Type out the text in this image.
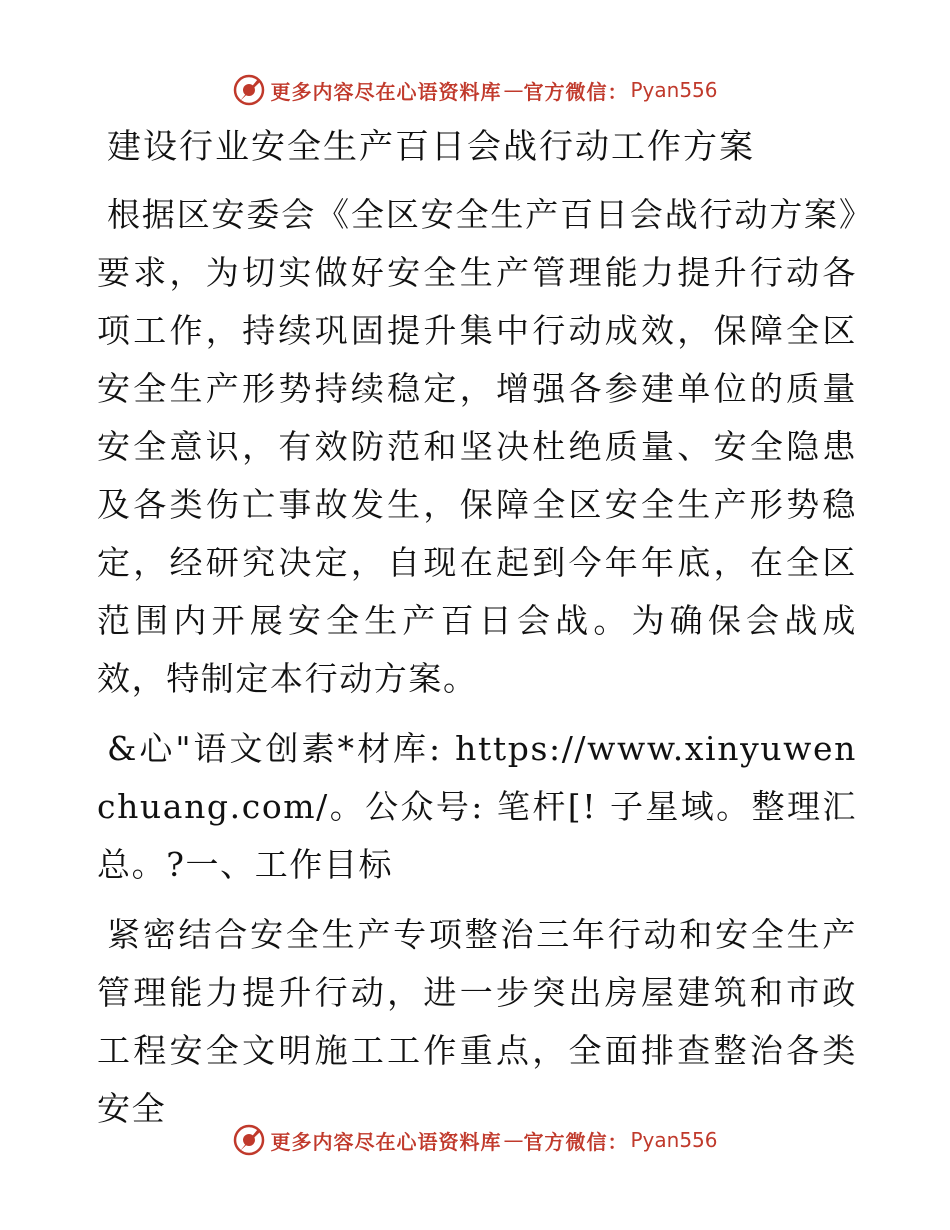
更多内容尽在心语资料库 — 官方微信： Pyan556
建设行业安全生产百日会战行动工作方案

根据区安委会《全区安全生产百日会战行动方案》要求，为切实做好安全生产管理能力提升行动各项工作，持续巩固提升集中行动成效，保障全区安全生产形势持续稳定，增强各参建单位的质量安全意识，有效防范和坚决杜绝质量、安全隐患及各类伤亡事故发生，保障全区安全生产形势稳定，经研究决定，自现在起到今年年底，在全区范围内开展安全生产百日会战。为确保会战成效，特制定本行动方案。

&心"语文创素*材库: https://www.xinyuwenchuang.com/。公众号: 笔杆[! 子星域。整理汇总。?一、工作目标

紧密结合安全生产专项整治三年行动和安全生产管理能力提升行动，进一步突出房屋建筑和市政工程安全文明施工工作重点，全面排查整治各类安全

更多内容尽在心语资料库 — 官方微信： Pyan556
